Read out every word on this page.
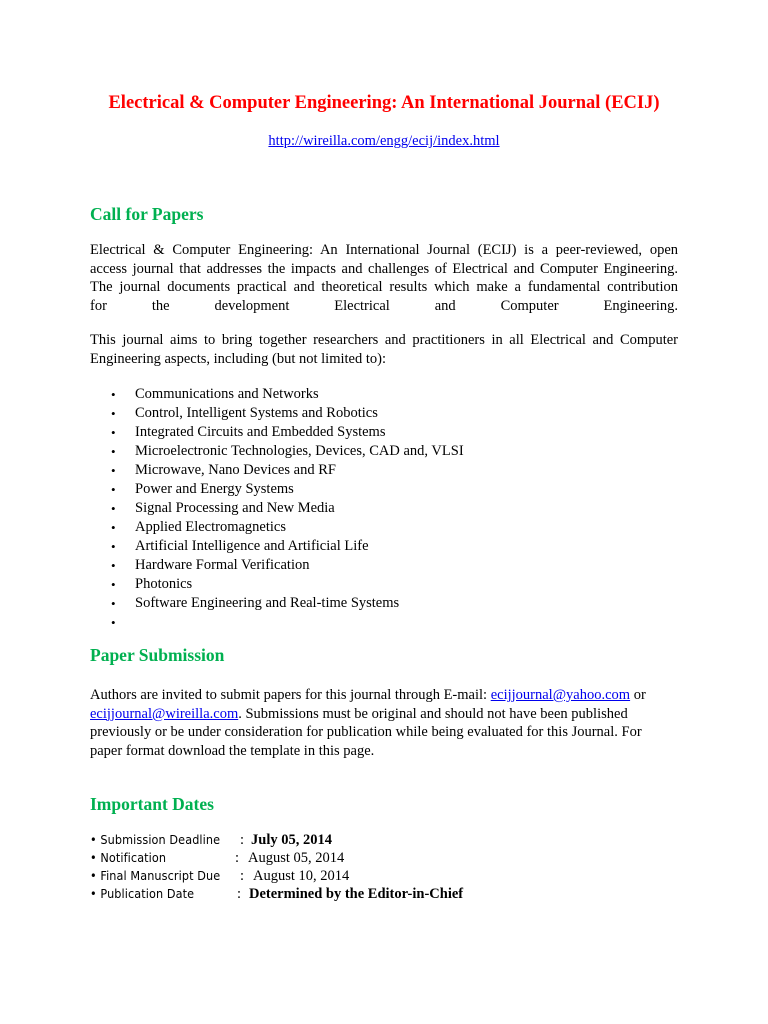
Electrical & Computer Engineering: An International Journal (ECIJ)
http://wireilla.com/engg/ecij/index.html
Call for Papers
Electrical & Computer Engineering: An International Journal (ECIJ) is a peer-reviewed, open
access journal that addresses the impacts and challenges of Electrical and Computer Engineering.
The journal documents practical and theoretical results which make a fundamental contribution
for the development Electrical and Computer Engineering.
This journal aims to bring together researchers and practitioners in all Electrical and Computer
Engineering aspects, including (but not limited to):
• Communications and Networks
• Control, Intelligent Systems and Robotics
• Integrated Circuits and Embedded Systems
• Microelectronic Technologies, Devices, CAD and, VLSI
• Microwave, Nano Devices and RF
• Power and Energy Systems
• Signal Processing and New Media
• Applied Electromagnetics
• Artificial Intelligence and Artificial Life
• Hardware Formal Verification
• Photonics
• Software Engineering and Real-time Systems
•
Paper Submission
Authors are invited to submit papers for this journal through E-mail: ecijjournal@yahoo.com or
ecijjournal@wireilla.com. Submissions must be original and should not have been published
previously or be under consideration for publication while being evaluated for this Journal. For
paper format download the template in this page.
Important Dates
• Submission Deadline : July 05, 2014
• Notification	: August 05, 2014
• Final Manuscript Due : August 10, 2014
• Publication Date	: Determined by the Editor-in-Chief
